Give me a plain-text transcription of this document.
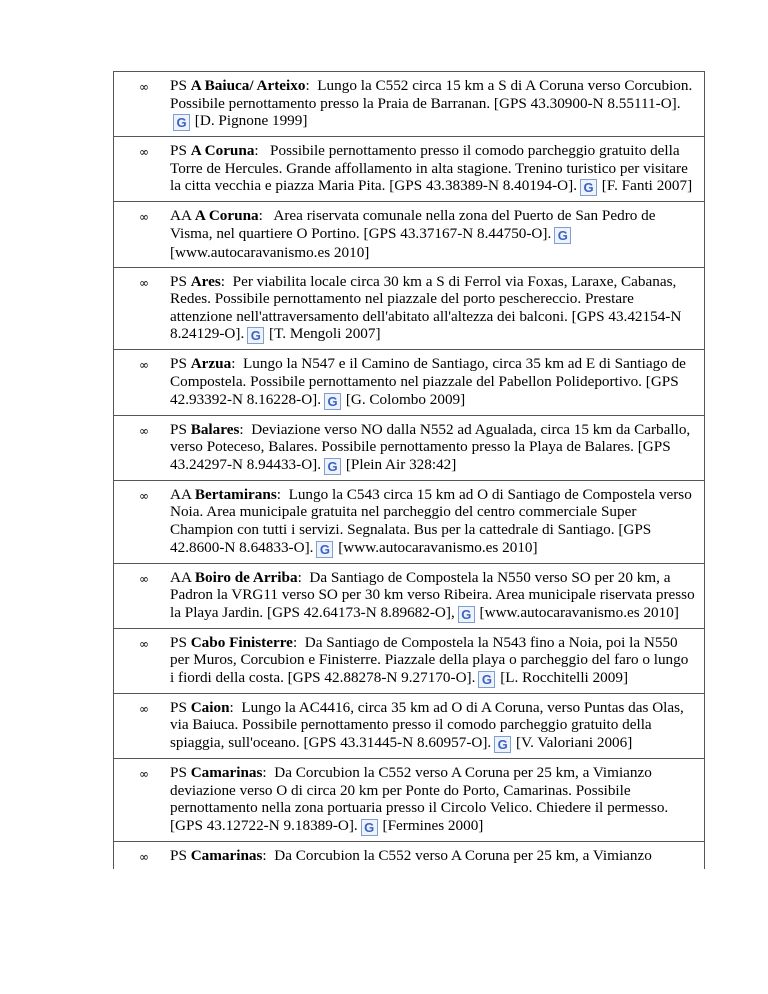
∞ PS A Baiuca/ Arteixo:  Lungo la C552 circa 15 km a S di A Coruna verso Corcubion. Possibile pernottamento presso la Praia de Barranan. [GPS 43.30900-N 8.55111-O].G [D. Pignone 1999]
∞ PS A Coruna:   Possibile pernottamento presso il comodo parcheggio gratuito della Torre de Hercules. Grande affollamento in alta stagione. Trenino turistico per visitare la citta vecchia e piazza Maria Pita. [GPS 43.38389-N 8.40194-O]. G [F. Fanti 2007]
∞ AA A Coruna:   Area riservata comunale nella zona del Puerto de San Pedro de Visma, nel quartiere O Portino. [GPS 43.37167-N 8.44750-O]. G [www.autocaravanismo.es 2010]
∞ PS Ares:  Per viabilita locale circa 30 km a S di Ferrol via Foxas, Laraxe, Cabanas, Redes. Possibile pernottamento nel piazzale del porto peschereccio. Prestare attenzione nell'attraversamento dell'abitato all'altezza dei balconi. [GPS 43.42154-N 8.24129-O]. G [T. Mengoli 2007]
∞ PS Arzua:  Lungo la N547 e il Camino de Santiago, circa 35 km ad E di Santiago de Compostela. Possibile pernottamento nel piazzale del Pabellon Polideportivo. [GPS 42.93392-N 8.16228-O]. G [G. Colombo 2009]
∞ PS Balares:  Deviazione verso NO dalla N552 ad Agualada, circa 15 km da Carballo, verso Poteceso, Balares. Possibile pernottamento presso la Playa de Balares. [GPS 43.24297-N 8.94433-O]. G [Plein Air 328:42]
∞ AA Bertamirans:  Lungo la C543 circa 15 km ad O di Santiago de Compostela verso Noia. Area municipale gratuita nel parcheggio del centro commerciale Super Champion con tutti i servizi. Segnalata. Bus per la cattedrale di Santiago. [GPS 42.8600-N 8.64833-O]. G [www.autocaravanismo.es 2010]
∞ AA Boiro de Arriba:  Da Santiago de Compostela la N550 verso SO per 20 km, a Padron la VRG11 verso SO per 30 km verso Ribeira. Area municipale riservata presso la Playa Jardin. [GPS 42.64173-N 8.89682-O], G [www.autocaravanismo.es 2010]
∞ PS Cabo Finisterre:  Da Santiago de Compostela la N543 fino a Noia, poi la N550 per Muros, Corcubion e Finisterre. Piazzale della playa o parcheggio del faro o lungo i fiordi della costa. [GPS 42.88278-N 9.27170-O]. G [L. Rocchitelli 2009]
∞ PS Caion:  Lungo la AC4416, circa 35 km ad O di A Coruna, verso Puntas das Olas, via Baiuca. Possibile pernottamento presso il comodo parcheggio gratuito della spiaggia, sull'oceano. [GPS 43.31445-N 8.60957-O]. G [V. Valoriani 2006]
∞ PS Camarinas:  Da Corcubion la C552 verso A Coruna per 25 km, a Vimianzo deviazione verso O di circa 20 km per Ponte do Porto, Camarinas. Possibile pernottamento nella zona portuaria presso il Circolo Velico. Chiedere il permesso. [GPS 43.12722-N 9.18389-O]. G [Fermines 2000]
∞ PS Camarinas:  Da Corcubion la C552 verso A Coruna per 25 km, a Vimianzo
